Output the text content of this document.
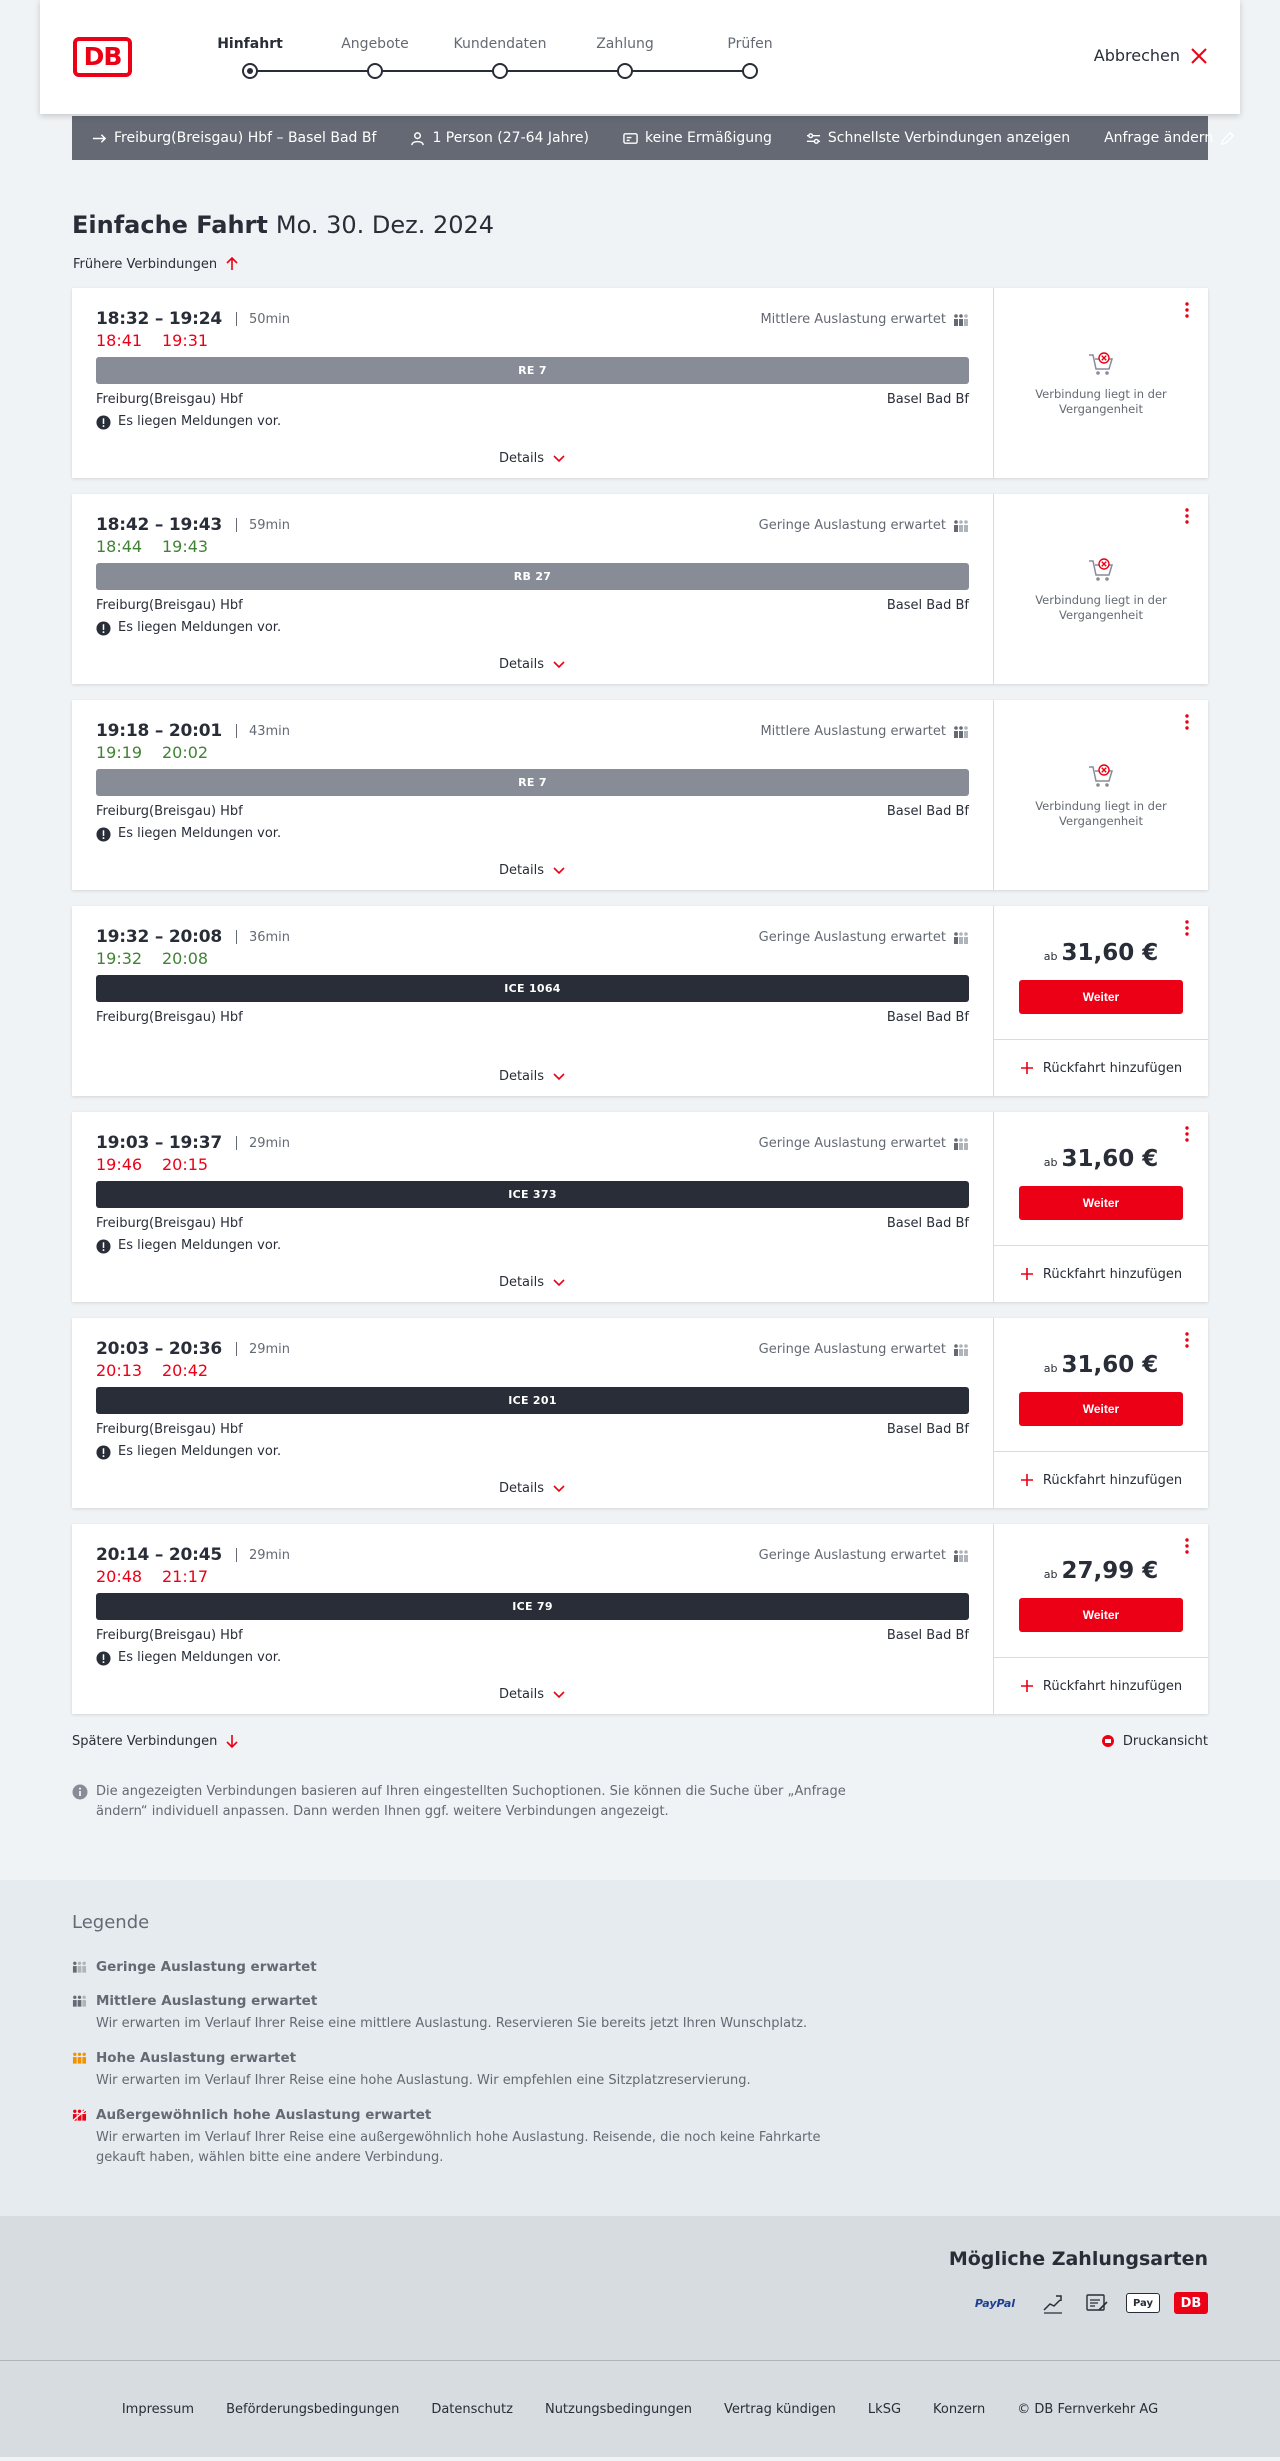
DB	Hinfahrt	Angebote	Kundendaten	Zahlung	Prüfen
Abbrechen
Freiburg(Breisgau) Hbf – Basel Bad Bf	1 Person (27-64 Jahre)	keine Ermäßigung	Schnellste Verbindungen anzeigen Anfrage ändern
Einfache Fahrt Mo. 30. Dez. 2024
Frühere Verbindungen
18:32 – 19:24 50min	Mittlere Auslastung erwartet
18:41	19:31
RE 7
Freiburg(Breisgau) Hbf	Basel Bad Bf
Es liegen Meldungen vor.
Details
Verbindung liegt in der Vergangenheit
18:42 – 19:43 59min	Geringe Auslastung erwartet
18:44	19:43
RB 27
Freiburg(Breisgau) Hbf	Basel Bad Bf
Es liegen Meldungen vor.
Details
Verbindung liegt in der Vergangenheit
19:18 – 20:01 43min	Mittlere Auslastung erwartet
19:19	20:02
RE 7
Freiburg(Breisgau) Hbf	Basel Bad Bf
Es liegen Meldungen vor.
Details
Verbindung liegt in der Vergangenheit
19:32 – 20:08 36min	Geringe Auslastung erwartet
19:32	20:08
ICE 1064
Freiburg(Breisgau) Hbf	Basel Bad Bf
Details
ab 31,60 €
Weiter
Rückfahrt hinzufügen
19:03 – 19:37 29min	Geringe Auslastung erwartet
19:46	20:15
ICE 373
Freiburg(Breisgau) Hbf	Basel Bad Bf
Es liegen Meldungen vor.
Details
ab 31,60 €
Weiter
Rückfahrt hinzufügen
20:03 – 20:36 29min	Geringe Auslastung erwartet
20:13	20:42
ICE 201
Freiburg(Breisgau) Hbf	Basel Bad Bf
Es liegen Meldungen vor.
Details
ab 31,60 €
Weiter
Rückfahrt hinzufügen
20:14 – 20:45 29min	Geringe Auslastung erwartet
20:48	21:17
ICE 79
Freiburg(Breisgau) Hbf	Basel Bad Bf
Es liegen Meldungen vor.
Details
ab 27,99 €
Weiter
Rückfahrt hinzufügen
Spätere Verbindungen	Druckansicht
Die angezeigten Verbindungen basieren auf Ihren eingestellten Suchoptionen. Sie können die Suche über „Anfrage ändern“ individuell anpassen. Dann werden Ihnen ggf. weitere Verbindungen angezeigt.
Legende
Geringe Auslastung erwartet
Mittlere Auslastung erwartet
Wir erwarten im Verlauf Ihrer Reise eine mittlere Auslastung. Reservieren Sie bereits jetzt Ihren Wunschplatz.
Hohe Auslastung erwartet
Wir erwarten im Verlauf Ihrer Reise eine hohe Auslastung. Wir empfehlen eine Sitzplatzreservierung.
Außergewöhnlich hohe Auslastung erwartet
Wir erwarten im Verlauf Ihrer Reise eine außergewöhnlich hohe Auslastung. Reisende, die noch keine Fahrkarte gekauft haben, wählen bitte eine andere Verbindung.
Mögliche Zahlungsarten
PayPal	Pay	DB
Impressum Beförderungsbedingungen Datenschutz Nutzungsbedingungen Vertrag kündigen LkSG Konzern © DB Fernverkehr AG
